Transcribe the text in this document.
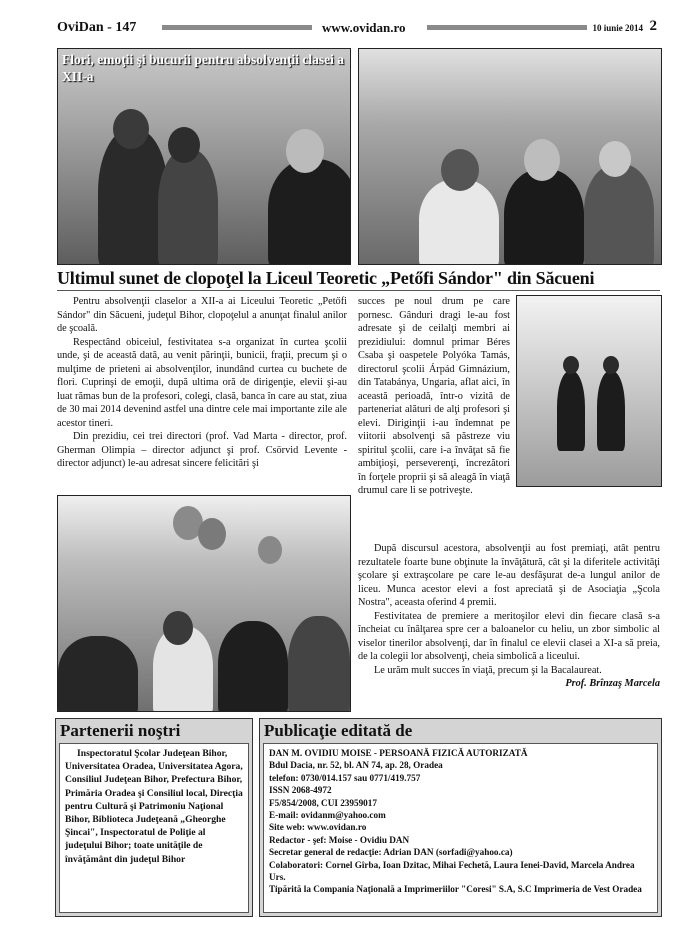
OviDan - 147	www.ovidan.ro	10 iunie 2014 2
Flori, emoţii şi bucurii pentru absolvenţii clasei a XII-a
Ultimul sunet de clopoţel la Liceul Teoretic „Petőfi Sándor" din Săcueni

Pentru absolvenţii claselor a XII-a ai Liceului Teoretic „Petőfi Sándor" din Săcueni, judeţul Bihor, clopoţelul a anunţat finalul anilor de şcoală.

Respectând obiceiul, festivitatea s-a organizat în curtea şcolii unde, şi de această dată, au venit părinţii, bunicii, fraţii, precum şi o mulţime de prieteni ai absolvenţilor, inundând curtea cu buchete de flori. Cuprinşi de emoţii, după ultima oră de dirigenţie, elevii şi-au luat rămas bun de la profesori, colegi, clasă, banca în care au stat, ziua de 30 mai 2014 devenind astfel una dintre cele mai importante zile ale acestor tineri.

Din prezidiu, cei trei directori (prof. Vad Marta - director, prof. Gherman Olimpia – director adjunct şi prof. Csörvid Levente - director adjunct) le-au adresat sincere felicitări şi

succes pe noul drum pe care pornesc. Gânduri dragi le-au fost adresate şi de ceilalţi membri ai prezidiului: domnul primar Béres Csaba şi oaspetele Polyóka Tamás, directorul şcolii Árpád Gimnázium, din Tatabánya, Ungaria, aflat aici, în această perioadă, într-o vizită de parteneriat alături de alţi profesori şi elevi. Diriginţii i-au îndemnat pe viitorii absolvenţi să păstreze viu spiritul şcolii, care i-a învăţat să fie ambiţioşi, perseverenţi, încrezători în forţele proprii şi să aleagă în viaţă drumul care li se potriveşte.

După discursul acestora, absolvenţii au fost premiaţi, atât pentru rezultatele foarte bune obţinute la învăţătură, cât şi la diferitele activităţi şcolare şi extraşcolare pe care le-au desfăşurat de-a lungul anilor de liceu. Munca acestor elevi a fost apreciată şi de Asociaţia „Şcola Nostra", aceasta oferind 4 premii.

Festivitatea de premiere a meritoşilor elevi din fiecare clasă s-a încheiat cu înălţarea spre cer a baloanelor cu heliu, un zbor simbolic al viselor tinerilor absolvenţi, dar în finalul ce elevii clasei a XI-a să preia, de la colegii lor absolvenţi, cheia simbolică a liceului.

Le urăm mult succes în viaţă, precum şi la Bacalaureat.

Prof. Brînzaş Marcela
Partenerii noştri
Inspectoratul Şcolar Judeţean Bihor, Universitatea Oradea, Universitatea Agora, Consiliul Judeţean Bihor, Prefectura Bihor, Primăria Oradea şi Consiliul local, Direcţia pentru Cultură şi Patrimoniu Naţional Bihor, Biblioteca Judeţeană „Gheorghe Şincai", Inspectoratul de Poliţie al judeţului Bihor; toate unităţile de învăţământ din judeţul Bihor
Publicaţie editată de
DAN M. OVIDIU MOISE - PERSOANĂ FIZICĂ AUTORIZATĂ
Bdul Dacia, nr. 52, bl. AN 74, ap. 28, Oradea
telefon: 0730/014.157 sau 0771/419.757
ISSN 2068-4972
F5/854/2008, CUI 23959017
E-mail: ovidanm@yahoo.com
Site web: www.ovidan.ro
Redactor - şef: Moise - Ovidiu DAN
Secretar general de redacţie: Adrian DAN (sorfadi@yahoo.ca)
Colaboratori: Cornel Gîrba, Ioan Dzitac, Mihai Fechetă, Laura Ienei-David, Marcela Andrea Urs.
Tipărită la Compania Naţională a Imprimeriilor "Coresi" S.A, S.C Imprimeria de Vest Oradea
